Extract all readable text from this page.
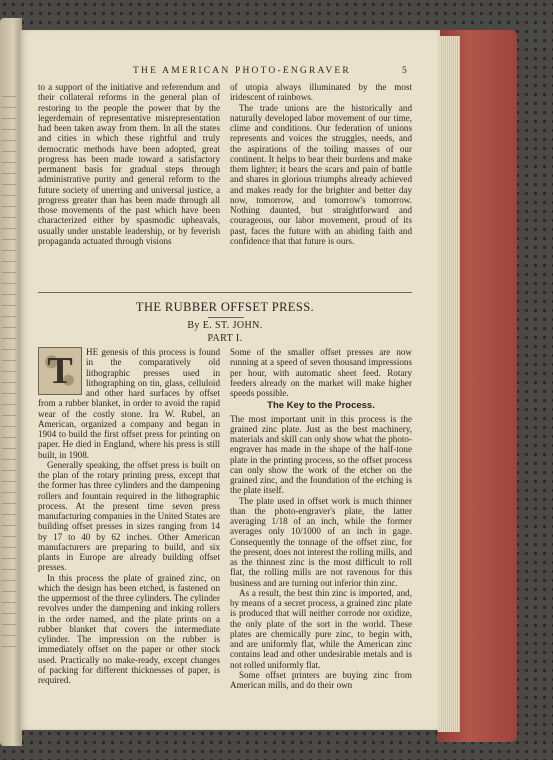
THE AMERICAN PHOTO-ENGRAVER	5

to a support of the initiative and referendum and their collateral reforms in the general plan of restoring to the people the power that by the legerdemain of representative misrepresentation had been taken away from them. In all the states and cities in which these rightful and truly democratic methods have been adopted, great progress has been made toward a satisfactory permanent basis for gradual steps through administrative purity and general reform to the future society of unerring and universal justice, a progress greater than has been made through all those movements of the past which have been characterized either by spasmodic upheavals, usually under unstable leadership, or by feverish propaganda actuated through visions

of utopia always illuminated by the most iridescent of rainbows.

The trade unions are the historically and naturally developed labor movement of our time, clime and conditions. Our federation of unions represents and voices the struggles, needs, and the aspirations of the toiling masses of our continent. It helps to bear their burdens and make them lighter; it bears the scars and pain of battle and shares in glorious triumphs already achieved and makes ready for the brighter and better day now, tomorrow, and tomorrow's tomorrow. Nothing daunted, but straightforward and courageous, our labor movement, proud of its past, faces the future with an abiding faith and confidence that that future is ours.

THE RUBBER OFFSET PRESS.
By E. ST. JOHN.
PART I.

T	HE genesis of this process is found in the comparatively old lithographic presses used in lithographing on tin, glass, celluloid and other hard surfaces by offset from a rubber blanket, in order to avoid the rapid wear of the costly stone. Ira W. Rubel, an American, organized a company and began in 1904 to build the first offset press for printing on paper. He died in England, where his press is still built, in 1908.

Generally speaking, the offset press is built on the plan of the rotary printing press, except that the former has three cylinders and the dampening rollers and fountain required in the lithographic process. At the present time seven press manufacturing companies in the United States are building offset presses in sizes ranging from 14 by 17 to 40 by 62 inches. Other American manufacturers are preparing to build, and six plants in Europe are already building offset presses.

In this process the plate of grained zinc, on which the design has been etched, is fastened on the uppermost of the three cylinders. The cylinder revolves under the dampening and inking rollers in the order named, and the plate prints on a rubber blanket that covers the intermediate cylinder. The impression on the rubber is immediately offset on the paper or other stock used. Practically no make-ready, except changes of packing for different thicknesses of paper, is required.

Some of the smaller offset presses are now running at a speed of seven thousand impressions per hour, with automatic sheet feed. Rotary feeders already on the market will make higher speeds possible.

The Key to the Process.

The most important unit in this process is the grained zinc plate. Just as the best machinery, materials and skill can only show what the photo-engraver has made in the shape of the half-tone plate in the printing process, so the offset process can only show the work of the etcher on the grained zinc, and the foundation of the etching is the plate itself.

The plate used in offset work is much thinner than the photo-engraver's plate, the latter averaging 1/18 of an inch, while the former averages only 10/1000 of an inch in gage. Consequently the tonnage of the offset zinc, for the present, does not interest the rolling mills, and as the thinnest zinc is the most difficult to roll flat, the rolling mills are not ravenous for this business and are turning out inferior thin zinc.

As a result, the best thin zinc is imported, and, by means of a secret process, a grained zinc plate is produced that will neither corrode nor oxidize, the only plate of the sort in the world. These plates are chemically pure zinc, to begin with, and are uniformly flat, while the American zinc contains lead and other undesirable metals and is not rolled uniformly flat.

Some offset printers are buying zinc from American mills, and do their own
